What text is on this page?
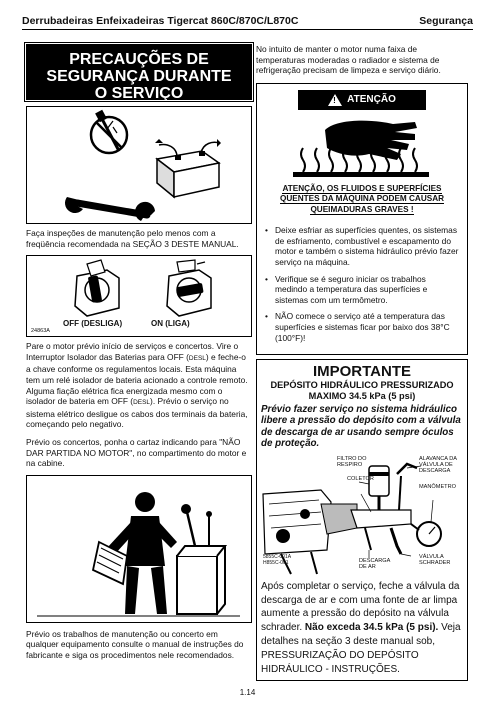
Derrubadeiras Enfeixadeiras Tigercat 860C/870C/L870C	Segurança
PRECAUÇÕES DE
SEGURANÇA DURANTE
O SERVIÇO

Faça inspeções de manutenção pelo menos com a freqüência recomendada na SEÇÃO 3 DESTE MANUAL.

OFF (DESLIGA)	ON (LIGA)
24863A

Pare o motor prévio início de serviços e concertos. Vire o Interruptor Isolador das Baterias para OFF (DESL) e feche-o a chave conforme os regulamentos locais. Esta máquina tem um relé isolador de bateria acionado a controle remoto. Alguma fiação elétrica fica energizada mesmo com o isolador de bateria em OFF (DESL). Prévio o serviço no sistema elétrico desligue os cabos dos terminais da bateria, começando pelo negativo.

Prévio os concertos, ponha o cartaz indicando para "NÃO DAR PARTIDA NO MOTOR", no compartimento do motor e na cabine.

Prévio os trabalhos de manutenção ou concerto em qualquer equipamento consulte o manual de instruções do fabricante e siga os procedimentos nele recomendados.

No intuito de manter o motor numa faixa de temperaturas moderadas o radiador e sistema de refrigeração precisam de limpeza e serviço diário.

! ATENÇÃO
ATENÇÃO, OS FLUIDOS E SUPERFÍCIES QUENTES DA MÁQUINA PODEM CAUSAR QUEIMADURAS GRAVES !
• Deixe esfriar as superfícies quentes, os sistemas de esfriamento, combustível e escapamento do motor e também o sistema hidráulico prévio fazer serviço na máquina.
• Verifique se é seguro iniciar os trabalhos medindo a temperatura das superfícies e sistemas com um termômetro.
• NÃO comece o serviço até a temperatura das superfícies e sistemas ficar por baixo dos 38°C (100°F)!
IMPORTANTE
DEPÓSITO HIDRÁULICO PRESSURIZADO MAXIMO 34.5 kPa (5 psi)
Prévio fazer serviço no sistema hidráulico libere a pressão do depósito com a válvula de descarga de ar usando sempre óculos de proteção.
FILTRO DO RESPIRO
ALAVANCA DA VÁLVULA DE DESCARGA
COLETOR
MANÔMETRO
DESCARGA DE AR
VÁLVULA SCHRADER
5855C-001A H855C-001

Após completar o serviço, feche a válvula da descarga de ar e com uma fonte de ar limpa aumente a pressão do depósito na válvula schrader. Não exceda 34.5 kPa (5 psi). Veja detalhes na seção 3 deste manual sob, PRESSURIZAÇÃO DO DEPÓSITO HIDRÁULICO - INSTRUÇÕES.

1.14
